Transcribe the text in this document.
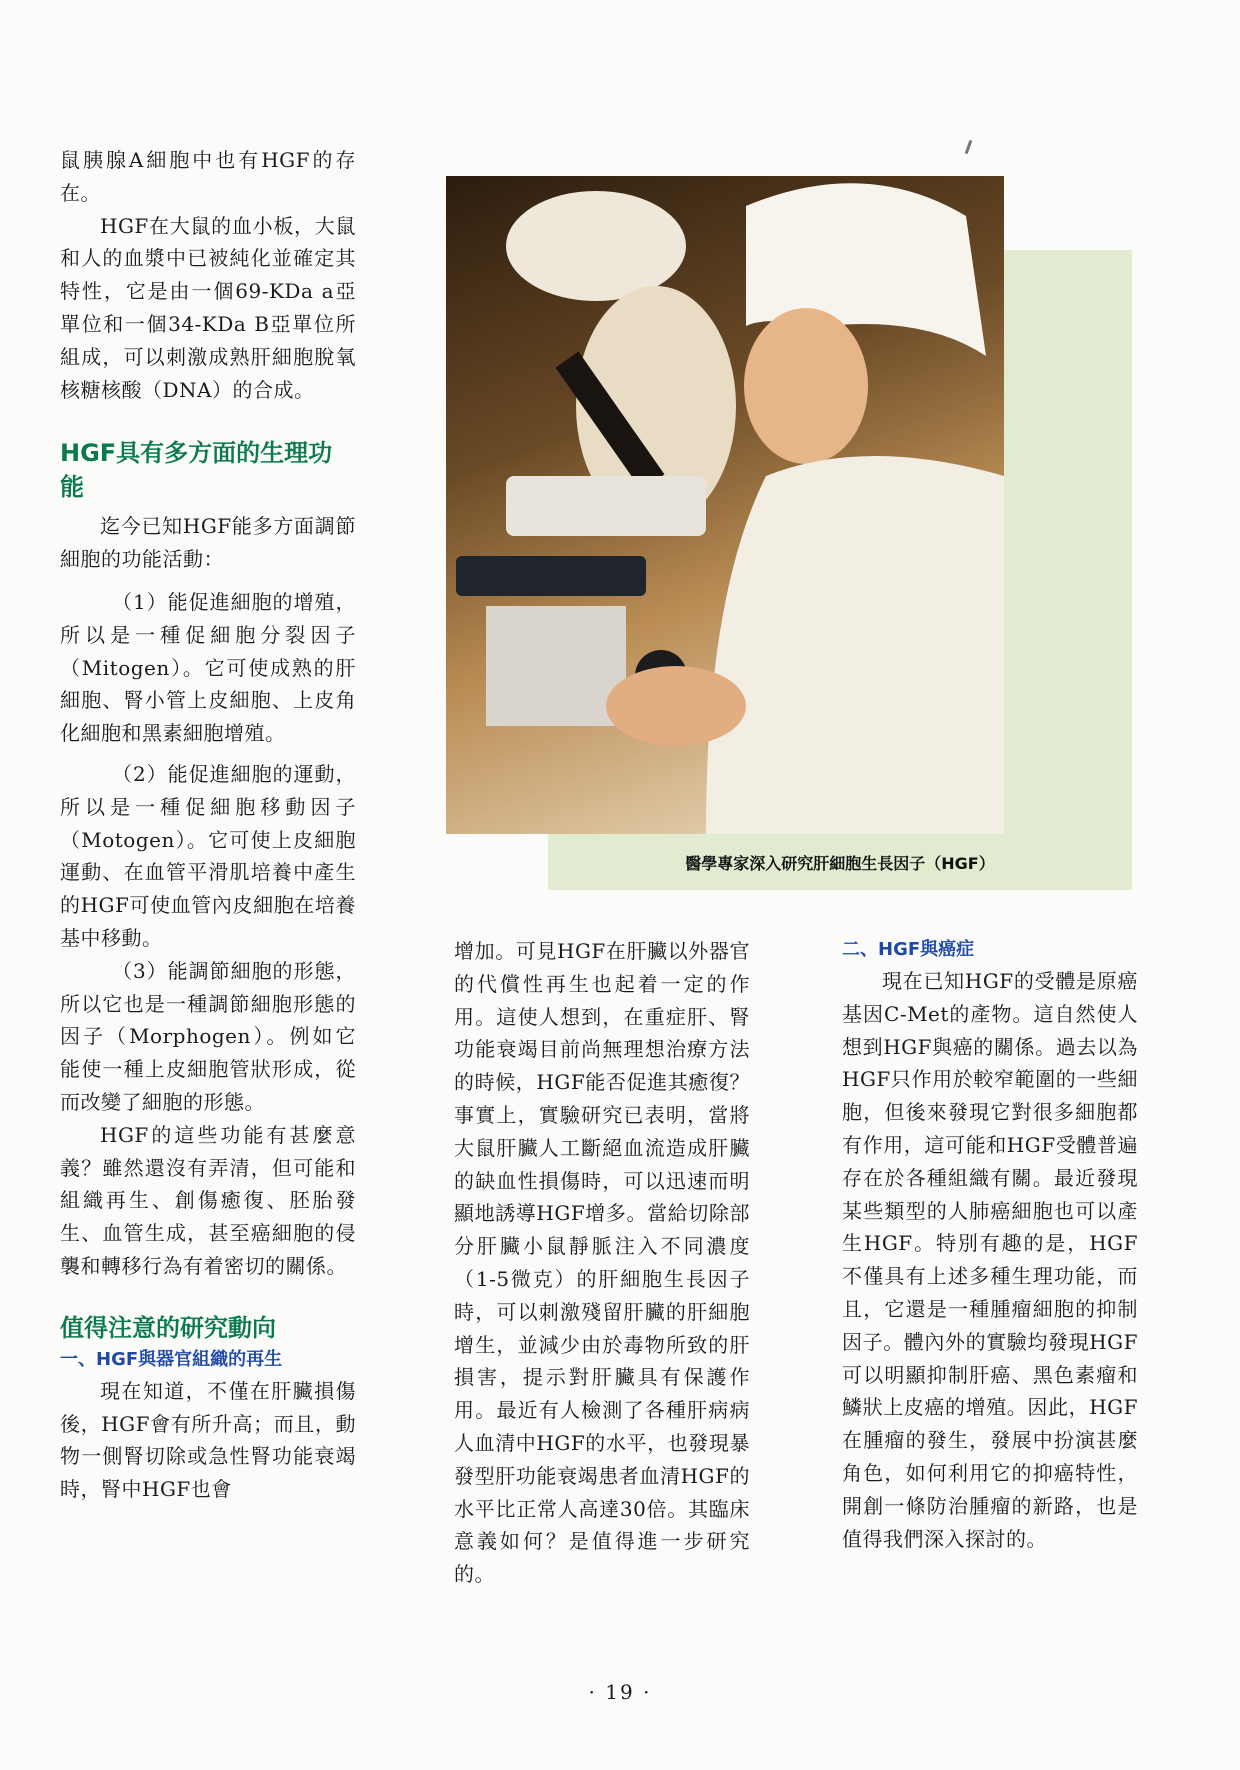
醫學專家深入研究肝細胞生長因子（HGF）

鼠胰腺A細胞中也有HGF的存在。

HGF在大鼠的血小板，大鼠和人的血漿中已被純化並確定其特性，它是由一個69-KDa a亞單位和一個34-KDa B亞單位所組成，可以刺激成熟肝細胞脫氧核糖核酸（DNA）的合成。

HGF具有多方面的生理功能

迄今已知HGF能多方面調節細胞的功能活動：

（1）能促進細胞的增殖，所以是一種促細胞分裂因子（Mitogen）。它可使成熟的肝細胞、腎小管上皮細胞、上皮角化細胞和黑素細胞增殖。

（2）能促進細胞的運動，所以是一種促細胞移動因子（Motogen）。它可使上皮細胞運動、在血管平滑肌培養中產生的HGF可使血管內皮細胞在培養基中移動。

（3）能調節細胞的形態，所以它也是一種調節細胞形態的因子（Morphogen）。例如它能使一種上皮細胞管狀形成，從而改變了細胞的形態。

HGF的這些功能有甚麼意義？雖然還沒有弄清，但可能和組織再生、創傷癒復、胚胎發生、血管生成，甚至癌細胞的侵襲和轉移行為有着密切的關係。

值得注意的研究動向
一、HGF與器官組織的再生

現在知道，不僅在肝臟損傷後，HGF會有所升高；而且，動物一側腎切除或急性腎功能衰竭時，腎中HGF也會

增加。可見HGF在肝臟以外器官的代償性再生也起着一定的作用。這使人想到，在重症肝、腎功能衰竭目前尚無理想治療方法的時候，HGF能否促進其癒復？事實上，實驗研究已表明，當將大鼠肝臟人工斷絕血流造成肝臟的缺血性損傷時，可以迅速而明顯地誘導HGF增多。當給切除部分肝臟小鼠靜脈注入不同濃度（1-5微克）的肝細胞生長因子時，可以刺激殘留肝臟的肝細胞增生，並減少由於毒物所致的肝損害，提示對肝臟具有保護作用。最近有人檢測了各種肝病病人血清中HGF的水平，也發現暴發型肝功能衰竭患者血清HGF的水平比正常人高達30倍。其臨床意義如何？是值得進一步研究的。

二、HGF與癌症

現在已知HGF的受體是原癌基因C-Met的產物。這自然使人想到HGF與癌的關係。過去以為HGF只作用於較窄範圍的一些細胞，但後來發現它對很多細胞都有作用，這可能和HGF受體普遍存在於各種組織有關。最近發現某些類型的人肺癌細胞也可以產生HGF。特別有趣的是，HGF不僅具有上述多種生理功能，而且，它還是一種腫瘤細胞的抑制因子。體內外的實驗均發現HGF可以明顯抑制肝癌、黑色素瘤和鱗狀上皮癌的增殖。因此，HGF在腫瘤的發生，發展中扮演甚麼角色，如何利用它的抑癌特性，開創一條防治腫瘤的新路，也是值得我們深入探討的。

· 19 ·
